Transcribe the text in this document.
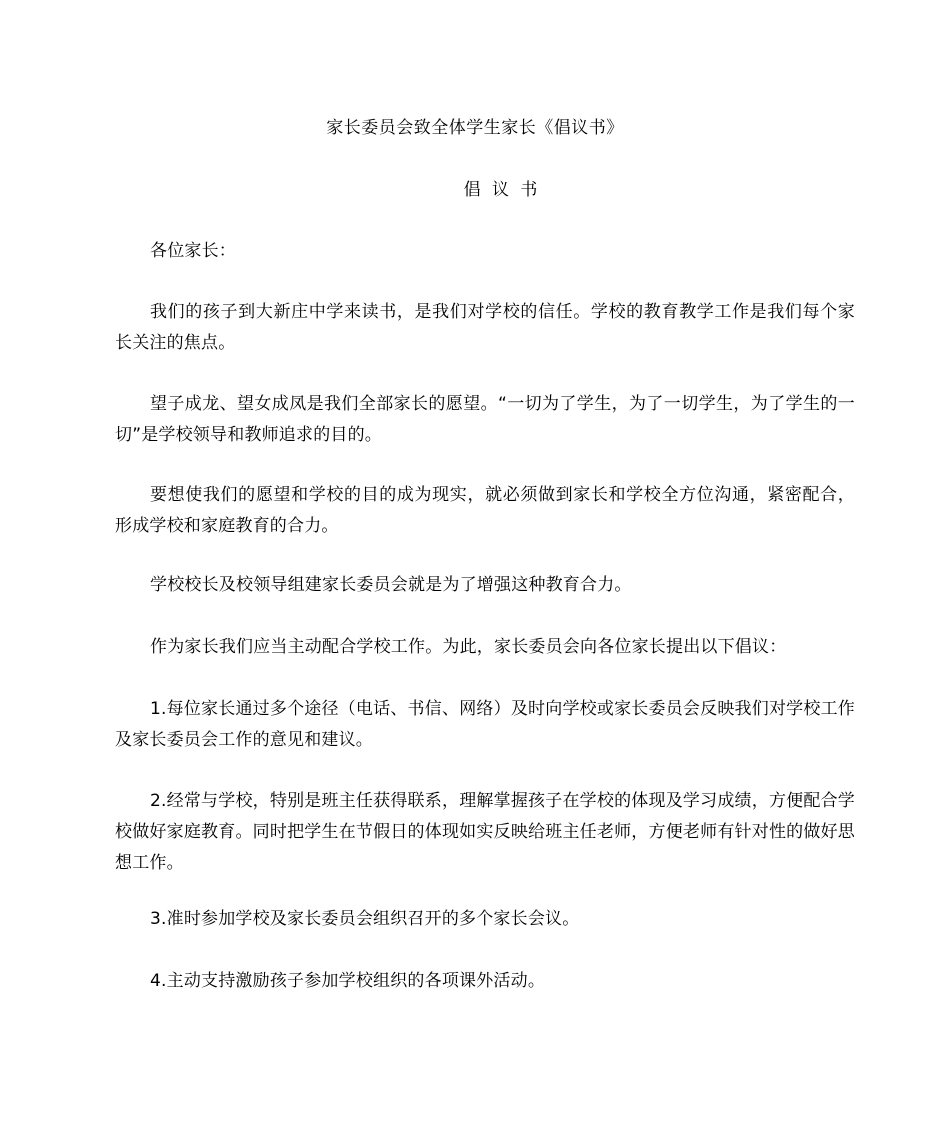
家长委员会致全体学生家长《倡议书》
倡 议 书

各位家长：

我们的孩子到大新庄中学来读书，是我们对学校的信任。学校的教育教学工作是我们每个家长关注的焦点。

望子成龙、望女成凤是我们全部家长的愿望。“一切为了学生，为了一切学生，为了学生的一切”是学校领导和教师追求的目的。

要想使我们的愿望和学校的目的成为现实，就必须做到家长和学校全方位沟通，紧密配合，形成学校和家庭教育的合力。

学校校长及校领导组建家长委员会就是为了增强这种教育合力。

作为家长我们应当主动配合学校工作。为此，家长委员会向各位家长提出以下倡议：

1.每位家长通过多个途径（电话、书信、网络）及时向学校或家长委员会反映我们对学校工作及家长委员会工作的意见和建议。

2.经常与学校，特别是班主任获得联系，理解掌握孩子在学校的体现及学习成绩，方便配合学校做好家庭教育。同时把学生在节假日的体现如实反映给班主任老师，方便老师有针对性的做好思想工作。

3.准时参加学校及家长委员会组织召开的多个家长会议。

4.主动支持激励孩子参加学校组织的各项课外活动。
